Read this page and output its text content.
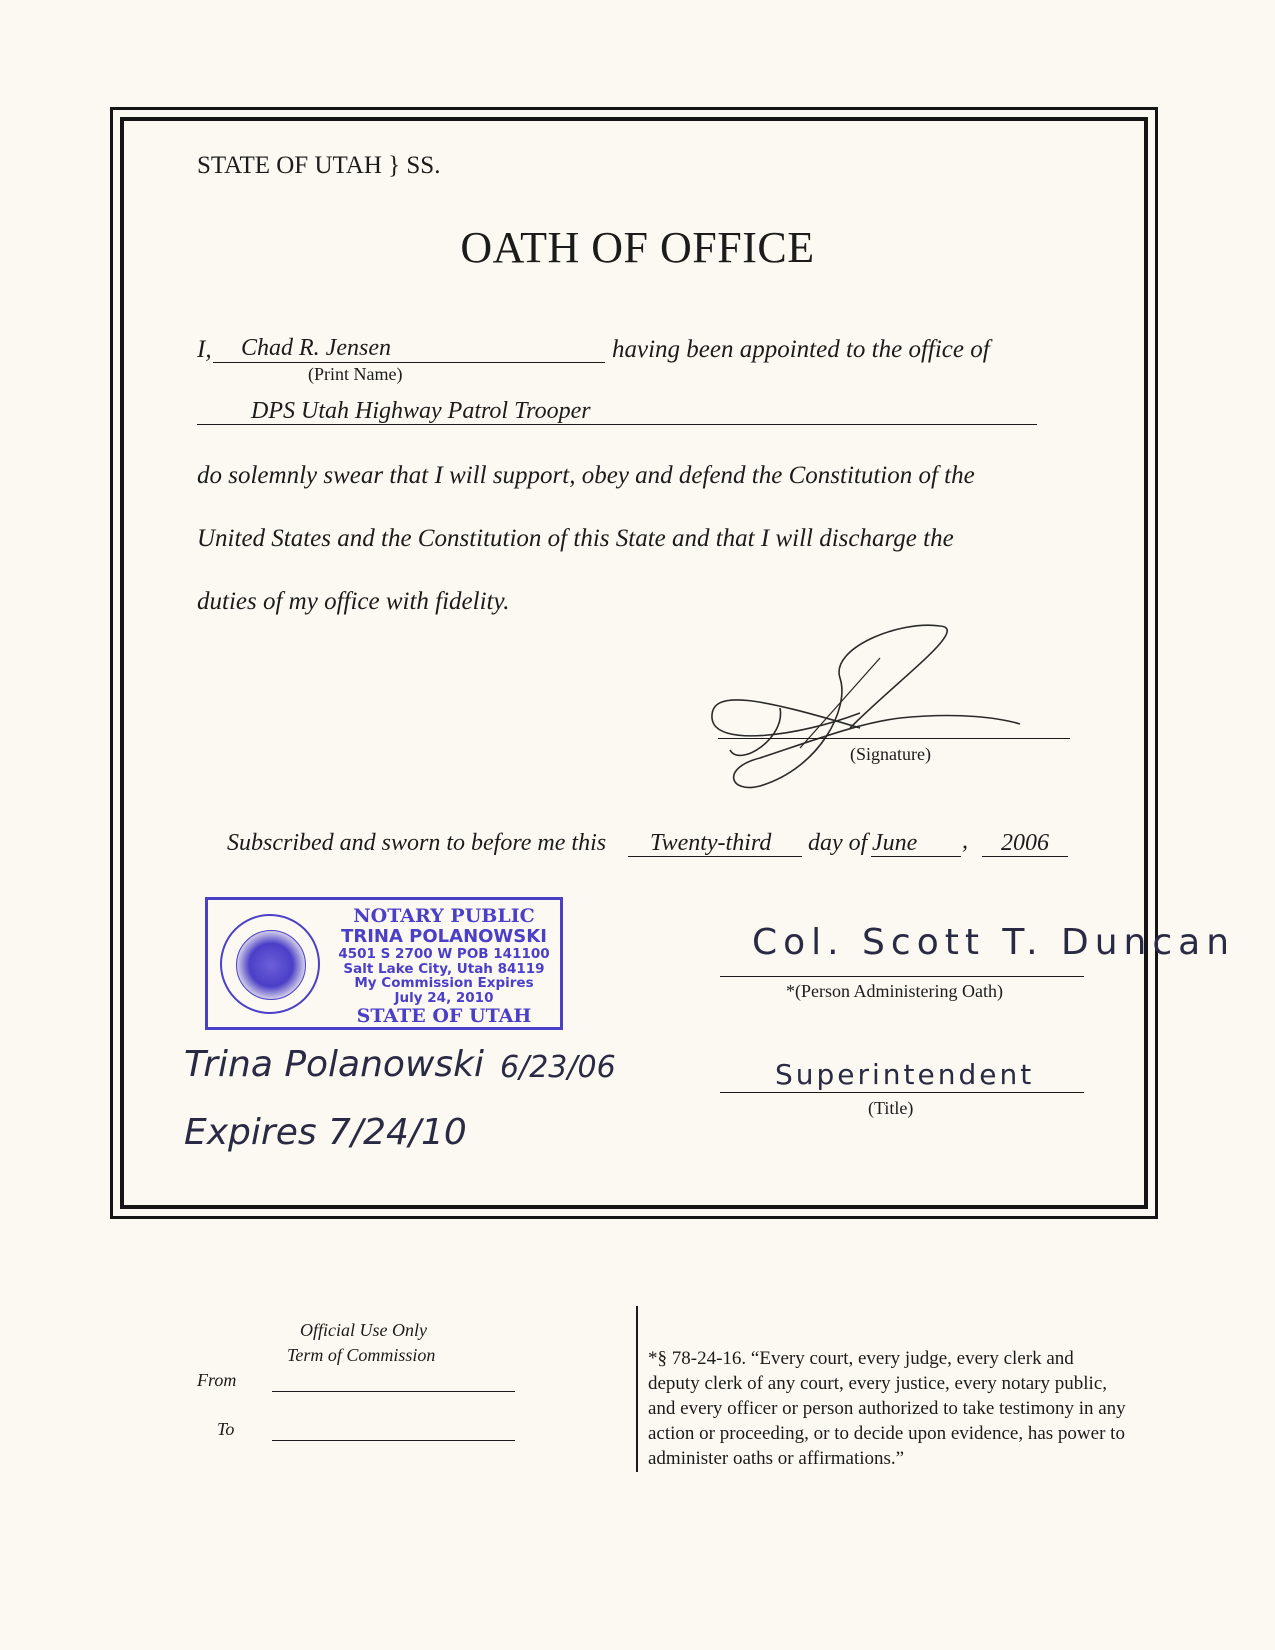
STATE OF UTAH } SS.
OATH OF OFFICE
I, Chad R. Jensen
(Print Name)
having been appointed to the office of
DPS Utah Highway Patrol Trooper
do solemnly swear that I will support, obey and defend the Constitution of the
United States and the Constitution of this State and that I will discharge the
duties of my office with fidelity.
(Signature)
Subscribed and sworn to before me this Twenty-third day of June , 2006
NOTARY PUBLIC
TRINA POLANOWSKI
4501 S 2700 W POB 141100
Salt Lake City, Utah 84119
My Commission Expires
July 24, 2010
STATE OF UTAH
Trina Polanowski 6/23/06
Expires 7/24/10
Col. Scott T. Duncan
*(Person Administering Oath)
Superintendent
(Title)
Official Use Only
Term of Commission
From
To
*§ 78-24-16. “Every court, every judge, every clerk and deputy clerk of any court, every justice, every notary public, and every officer or person authorized to take testimony in any action or proceeding, or to decide upon evidence, has power to administer oaths or affirmations.”
